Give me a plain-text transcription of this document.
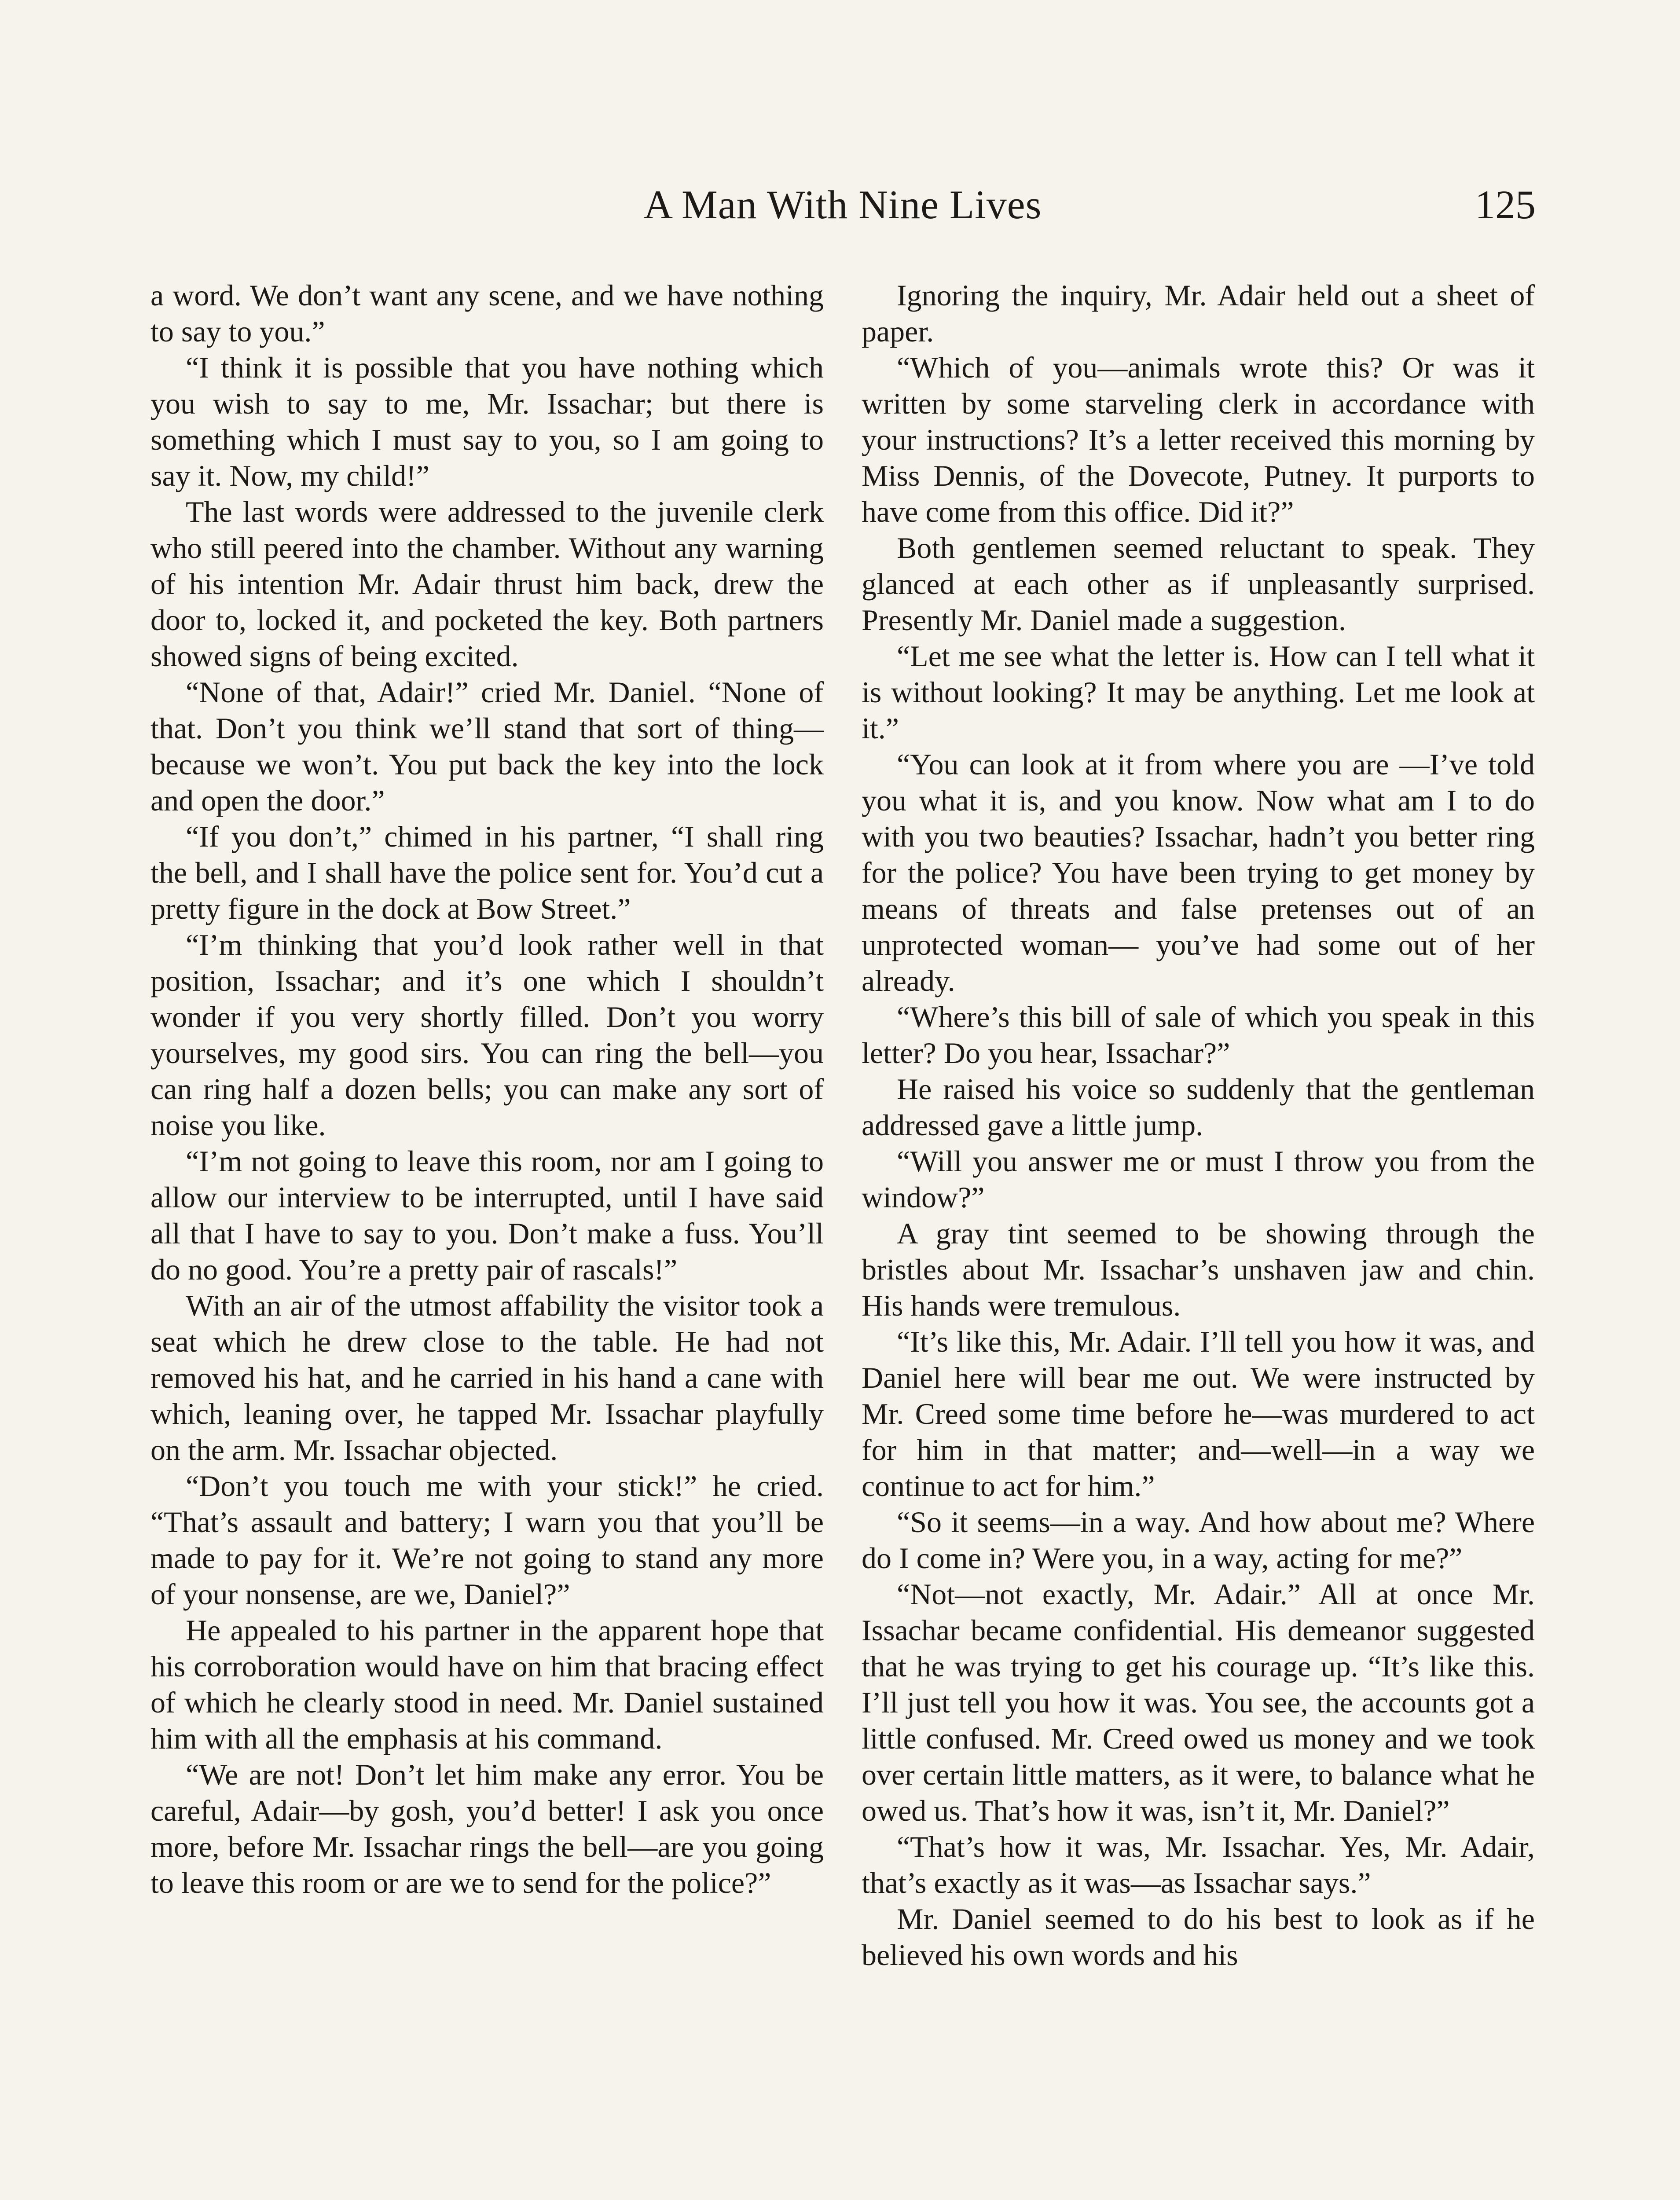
A Man With Nine Lives	125

a word. We don’t want any scene, and we have nothing to say to you.”

“I think it is possible that you have nothing which you wish to say to me, Mr. Issachar; but there is something which I must say to you, so I am going to say it. Now, my child!”

The last words were addressed to the juvenile clerk who still peered into the chamber. Without any warning of his intention Mr. Adair thrust him back, drew the door to, locked it, and pocketed the key. Both partners showed signs of being excited.

“None of that, Adair!” cried Mr. Daniel. “None of that. Don’t you think we’ll stand that sort of thing—because we won’t. You put back the key into the lock and open the door.”

“If you don’t,” chimed in his partner, “I shall ring the bell, and I shall have the police sent for. You’d cut a pretty figure in the dock at Bow Street.”

“I’m thinking that you’d look rather well in that position, Issachar; and it’s one which I shouldn’t wonder if you very shortly filled. Don’t you worry yourselves, my good sirs. You can ring the bell—you can ring half a dozen bells; you can make any sort of noise you like.

“I’m not going to leave this room, nor am I going to allow our interview to be interrupted, until I have said all that I have to say to you. Don’t make a fuss. You’ll do no good. You’re a pretty pair of rascals!”

With an air of the utmost affability the visitor took a seat which he drew close to the table. He had not removed his hat, and he carried in his hand a cane with which, leaning over, he tapped Mr. Issachar playfully on the arm. Mr. Issachar objected.

“Don’t you touch me with your stick!” he cried. “That’s assault and battery; I warn you that you’ll be made to pay for it. We’re not going to stand any more of your nonsense, are we, Daniel?”

He appealed to his partner in the apparent hope that his corroboration would have on him that bracing effect of which he clearly stood in need. Mr. Daniel sustained him with all the emphasis at his command.

“We are not! Don’t let him make any error. You be careful, Adair—by gosh, you’d better! I ask you once more, before Mr. Issachar rings the bell—are you going to leave this room or are we to send for the police?”

Ignoring the inquiry, Mr. Adair held out a sheet of paper.

“Which of you—animals wrote this? Or was it written by some starveling clerk in accordance with your instructions? It’s a letter received this morning by Miss Dennis, of the Dovecote, Putney. It purports to have come from this office. Did it?”

Both gentlemen seemed reluctant to speak. They glanced at each other as if unpleasantly surprised. Presently Mr. Daniel made a suggestion.

“Let me see what the letter is. How can I tell what it is without looking? It may be anything. Let me look at it.”

“You can look at it from where you are —I’ve told you what it is, and you know. Now what am I to do with you two beauties? Issachar, hadn’t you better ring for the police? You have been trying to get money by means of threats and false pretenses out of an unprotected woman— you’ve had some out of her already.

“Where’s this bill of sale of which you speak in this letter? Do you hear, Issachar?”

He raised his voice so suddenly that the gentleman addressed gave a little jump.

“Will you answer me or must I throw you from the window?”

A gray tint seemed to be showing through the bristles about Mr. Issachar’s unshaven jaw and chin. His hands were tremulous.

“It’s like this, Mr. Adair. I’ll tell you how it was, and Daniel here will bear me out. We were instructed by Mr. Creed some time before he—was murdered to act for him in that matter; and—well—in a way we continue to act for him.”

“So it seems—in a way. And how about me? Where do I come in? Were you, in a way, acting for me?”

“Not—not exactly, Mr. Adair.” All at once Mr. Issachar became confidential. His demeanor suggested that he was trying to get his courage up. “It’s like this. I’ll just tell you how it was. You see, the accounts got a little confused. Mr. Creed owed us money and we took over certain little matters, as it were, to balance what he owed us. That’s how it was, isn’t it, Mr. Daniel?”

“That’s how it was, Mr. Issachar. Yes, Mr. Adair, that’s exactly as it was—as Issachar says.”

Mr. Daniel seemed to do his best to look as if he believed his own words and his
